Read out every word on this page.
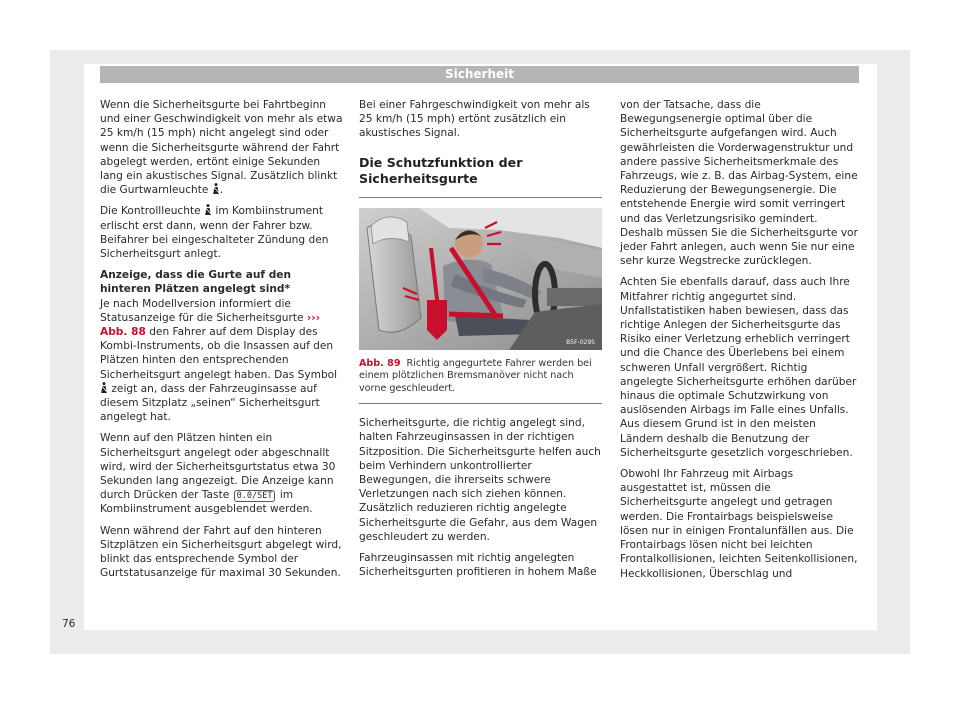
Sicherheit

Wenn die Sicherheitsgurte bei Fahrtbeginn und einer Geschwindigkeit von mehr als etwa 25 km/h (15 mph) nicht angelegt sind oder wenn die Sicherheitsgurte während der Fahrt abgelegt werden, ertönt einige Sekunden lang ein akustisches Signal. Zusätzlich blinkt die Gurtwarnleuchte .

Die Kontrollleuchte im Kombiinstrument erlischt erst dann, wenn der Fahrer bzw. Beifahrer bei eingeschalteter Zündung den Sicherheitsgurt anlegt.

Anzeige, dass die Gurte auf den hinteren Plätzen angelegt sind*

Je nach Modellversion informiert die Statusanzeige für die Sicherheitsgurte ››› Abb. 88 den Fahrer auf dem Display des Kombi-Instruments, ob die Insassen auf den Plätzen hinten den entsprechenden Sicherheitsgurt angelegt haben. Das Symbol  zeigt an, dass der Fahrzeuginsasse auf diesem Sitzplatz „seinen“ Sicherheitsgurt angelegt hat.

Wenn auf den Plätzen hinten ein Sicherheitsgurt angelegt oder abgeschnallt wird, wird der Sicherheitsgurtstatus etwa 30 Sekunden lang angezeigt. Die Anzeige kann durch Drücken der Taste 0.0/SET im Kombiinstrument ausgeblendet werden.

Wenn während der Fahrt auf den hinteren Sitzplätzen ein Sicherheitsgurt abgelegt wird, blinkt das entsprechende Symbol der Gurtstatusanzeige für maximal 30 Sekunden.

Bei einer Fahrgeschwindigkeit von mehr als 25 km/h (15 mph) ertönt zusätzlich ein akustisches Signal.

Die Schutzfunktion der Sicherheitsgurte
B5F-0295
Abb. 89 Richtig angegurtete Fahrer werden bei einem plötzlichen Bremsmanöver nicht nach vorne geschleudert.

Sicherheitsgurte, die richtig angelegt sind, halten Fahrzeuginsassen in der richtigen Sitzposition. Die Sicherheitsgurte helfen auch beim Verhindern unkontrollierter Bewegungen, die ihrerseits schwere Verletzungen nach sich ziehen können. Zusätzlich reduzieren richtig angelegte Sicherheitsgurte die Gefahr, aus dem Wagen geschleudert zu werden.

Fahrzeuginsassen mit richtig angelegten Sicherheitsgurten profitieren in hohem Maße

von der Tatsache, dass die Bewegungsenergie optimal über die Sicherheitsgurte aufgefangen wird. Auch gewährleisten die Vorderwagenstruktur und andere passive Sicherheitsmerkmale des Fahrzeugs, wie z. B. das Airbag-System, eine Reduzierung der Bewegungsenergie. Die entstehende Energie wird somit verringert und das Verletzungsrisiko gemindert. Deshalb müssen Sie die Sicherheitsgurte vor jeder Fahrt anlegen, auch wenn Sie nur eine sehr kurze Wegstrecke zurücklegen.

Achten Sie ebenfalls darauf, dass auch Ihre Mitfahrer richtig angegurtet sind. Unfallstatistiken haben bewiesen, dass das richtige Anlegen der Sicherheitsgurte das Risiko einer Verletzung erheblich verringert und die Chance des Überlebens bei einem schweren Unfall vergrößert. Richtig angelegte Sicherheitsgurte erhöhen darüber hinaus die optimale Schutzwirkung von auslösenden Airbags im Falle eines Unfalls. Aus diesem Grund ist in den meisten Ländern deshalb die Benutzung der Sicherheitsgurte gesetzlich vorgeschrieben.

Obwohl Ihr Fahrzeug mit Airbags ausgestattet ist, müssen die Sicherheitsgurte angelegt und getragen werden. Die Frontairbags beispielsweise lösen nur in einigen Frontalunfällen aus. Die Frontairbags lösen nicht bei leichten Frontalkollisionen, leichten Seitenkollisionen, Heckkollisionen, Überschlag und

76
